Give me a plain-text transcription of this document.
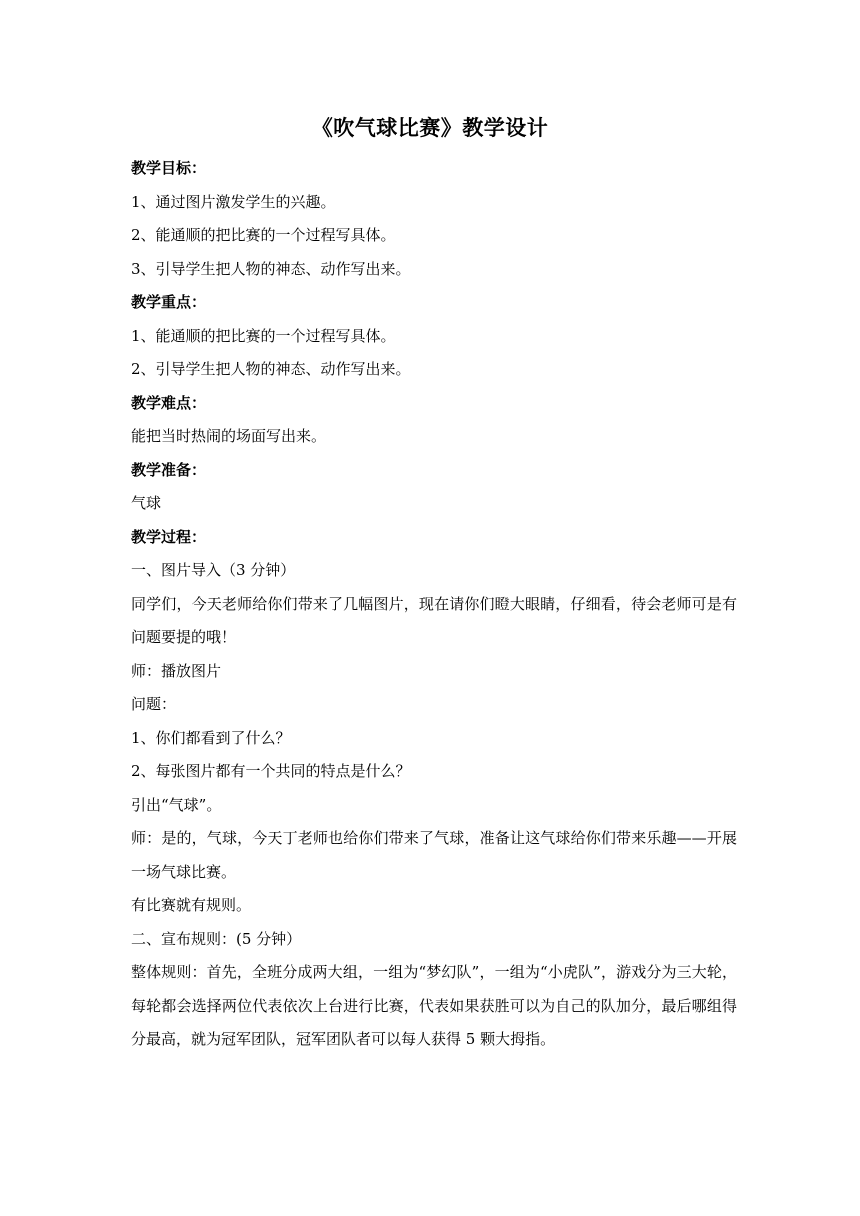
《吹气球比赛》教学设计

教学目标：

1、通过图片激发学生的兴趣。

2、能通顺的把比赛的一个过程写具体。

3、引导学生把人物的神态、动作写出来。

教学重点：

1、能通顺的把比赛的一个过程写具体。

2、引导学生把人物的神态、动作写出来。

教学难点：

能把当时热闹的场面写出来。

教学准备：

气球

教学过程：

一、图片导入（3 分钟）

同学们，今天老师给你们带来了几幅图片，现在请你们瞪大眼睛，仔细看，待会老师可是有问题要提的哦！

师：播放图片

问题：

1、你们都看到了什么？

2、每张图片都有一个共同的特点是什么？

引出“气球”。

师：是的，气球，今天丁老师也给你们带来了气球，准备让这气球给你们带来乐趣——开展一场气球比赛。

有比赛就有规则。

二、宣布规则：(5 分钟）

整体规则：首先，全班分成两大组，一组为“梦幻队”，一组为“小虎队”，游戏分为三大轮，每轮都会选择两位代表依次上台进行比赛，代表如果获胜可以为自己的队加分，最后哪组得分最高，就为冠军团队，冠军团队者可以每人获得 5 颗大拇指。
